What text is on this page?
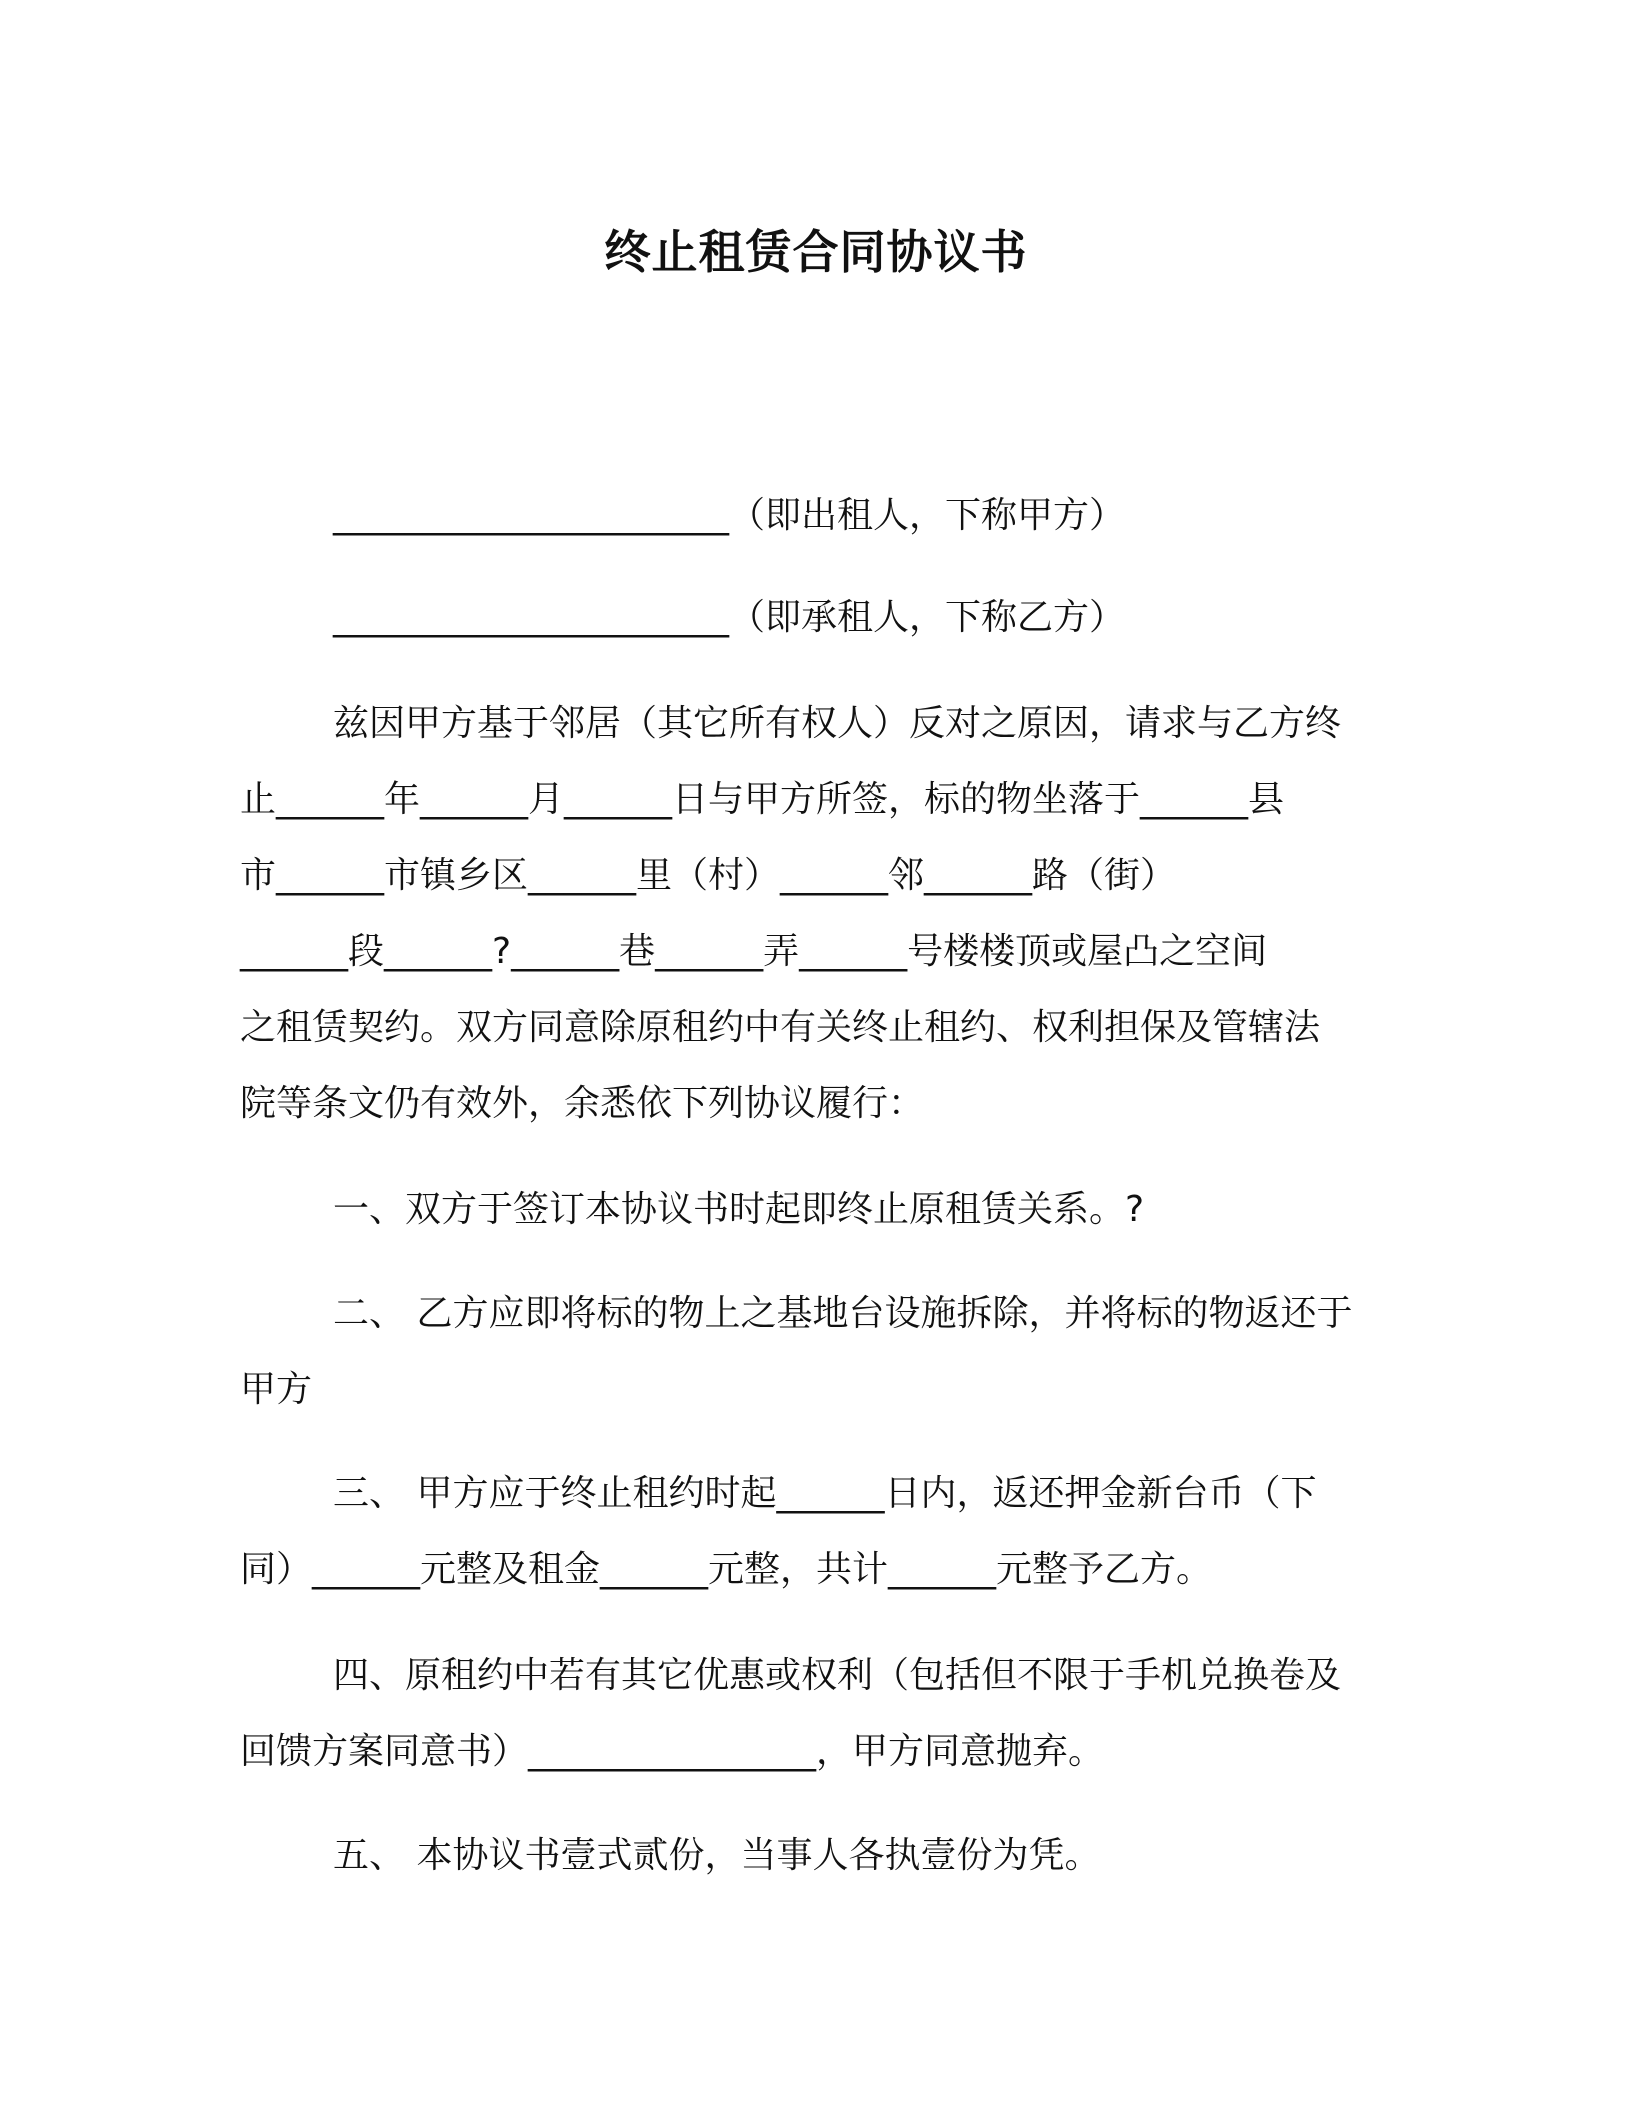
终止租赁合同协议书
______________________（即出租人，下称甲方）
______________________（即承租人，下称乙方）
兹因甲方基于邻居（其它所有权人）反对之原因，请求与乙方终
止______年______月______日与甲方所签，标的物坐落于______县
市______市镇乡区______里（村）______邻______路（街）
______段______?______巷______弄______号楼楼顶或屋凸之空间
之租赁契约。双方同意除原租约中有关终止租约、权利担保及管辖法
院等条文仍有效外，余悉依下列协议履行：
一、双方于签订本协议书时起即终止原租赁关系。?
二、 乙方应即将标的物上之基地台设施拆除，并将标的物返还于
甲方
三、 甲方应于终止租约时起______日内，返还押金新台币（下
同）______元整及租金______元整，共计______元整予乙方。
四、原租约中若有其它优惠或权利（包括但不限于手机兑换卷及
回馈方案同意书）________________，甲方同意抛弃。
五、 本协议书壹式贰份，当事人各执壹份为凭。
